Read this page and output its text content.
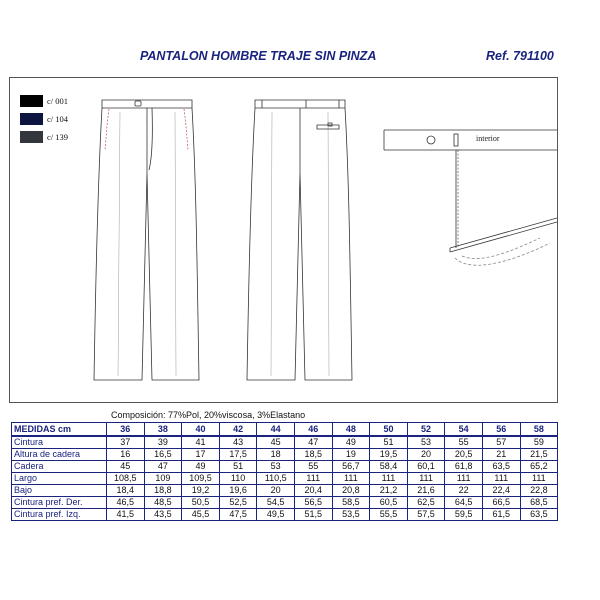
PANTALON HOMBRE TRAJE SIN PINZA	Ref. 791100
c/ 001
c/ 104
c/ 139	interior
Composición: 77%Pol, 20%viscosa, 3%Elastano
MEDIDAS cm	36	38	40	42	44	46	48	50	52	54	56	58
Cintura	37	39	41	43	45	47	49	51	53	55	57	59
Altura de cadera	16	16,5	17	17,5	18	18,5	19	19,5	20	20,5	21	21,5
Cadera	45	47	49	51	53	55	56,7	58,4	60,1	61,8	63,5	65,2
Largo	108,5	109	109,5	110	110,5	111	111	111	111	111	111	111
Bajo	18,4	18,8	19,2	19,6	20	20,4	20,8	21,2	21,6	22	22,4	22,8
Cintura pref. Der.	46,5	48,5	50,5	52,5	54,5	56,5	58,5	60,5	62,5	64,5	66,5	68,5
Cintura pref. Izq.	41,5	43,5	45,5	47,5	49,5	51,5	53,5	55,5	57,5	59,5	61,5	63,5
